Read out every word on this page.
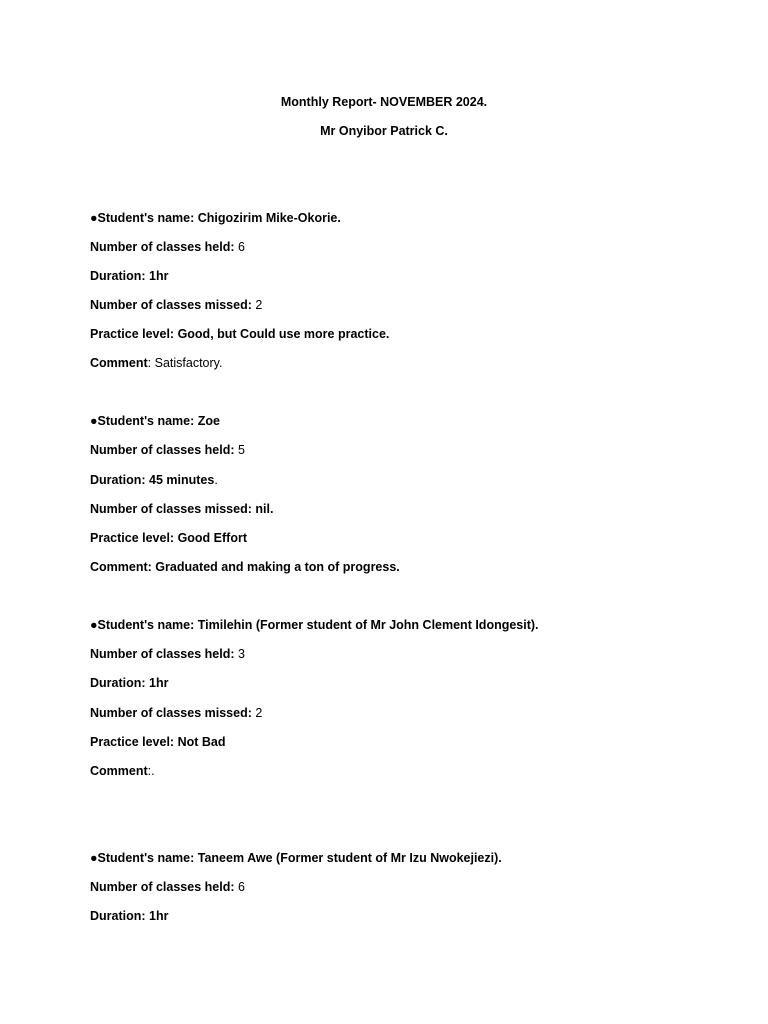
Monthly Report- NOVEMBER 2024.
Mr Onyibor Patrick C.
●Student's name: Chigozirim Mike-Okorie.
Number of classes held: 6
Duration: 1hr
Number of classes missed: 2
Practice level: Good, but Could use more practice.
Comment: Satisfactory.
●Student's name: Zoe
Number of classes held: 5
Duration: 45 minutes.
Number of classes missed: nil.
Practice level: Good Effort
Comment: Graduated and making a ton of progress.
●Student's name: Timilehin (Former student of Mr John Clement Idongesit).
Number of classes held: 3
Duration: 1hr
Number of classes missed: 2
Practice level: Not Bad
Comment:.
●Student's name: Taneem Awe (Former student of Mr Izu Nwokejiezi).
Number of classes held: 6
Duration: 1hr
